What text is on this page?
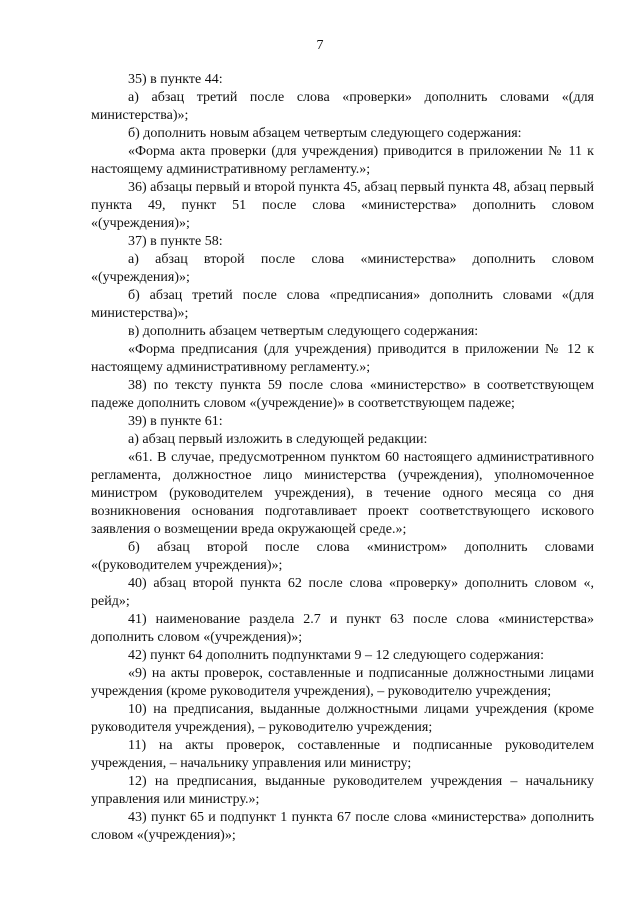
7

35) в пункте 44:

а) абзац третий после слова «проверки» дополнить словами «(для министерства)»;

б) дополнить новым абзацем четвертым следующего содержания:

«Форма акта проверки (для учреждения) приводится в приложении № 11 к настоящему административному регламенту.»;

36) абзацы первый и второй пункта 45, абзац первый пункта 48, абзац первый пункта 49, пункт 51 после слова «министерства» дополнить словом «(учреждения)»;

37) в пункте 58:

а) абзац второй после слова «министерства» дополнить словом «(учреждения)»;

б) абзац третий после слова «предписания» дополнить словами «(для министерства)»;

в) дополнить абзацем четвертым следующего содержания:

«Форма предписания (для учреждения) приводится в приложении № 12 к настоящему административному регламенту.»;

38) по тексту пункта 59 после слова «министерство» в соответствующем падеже дополнить словом «(учреждение)» в соответствующем падеже;

39) в пункте 61:

а) абзац первый изложить в следующей редакции:

«61. В случае, предусмотренном пунктом 60 настоящего административного регламента, должностное лицо министерства (учреждения), уполномоченное министром (руководителем учреждения), в течение одного месяца со дня возникновения основания подготавливает проект соответствующего искового заявления о возмещении вреда окружающей среде.»;

б) абзац второй после слова «министром» дополнить словами «(руководителем учреждения)»;

40) абзац второй пункта 62 после слова «проверку» дополнить словом «, рейд»;

41) наименование раздела 2.7 и пункт 63 после слова «министерства» дополнить словом «(учреждения)»;

42) пункт 64 дополнить подпунктами 9 – 12 следующего содержания:

«9) на акты проверок, составленные и подписанные должностными лицами учреждения (кроме руководителя учреждения), – руководителю учреждения;

10) на предписания, выданные должностными лицами учреждения (кроме руководителя учреждения), – руководителю учреждения;

11) на акты проверок, составленные и подписанные руководителем учреждения, – начальнику управления или министру;

12) на предписания, выданные руководителем учреждения – начальнику управления или министру.»;

43) пункт 65 и подпункт 1 пункта 67 после слова «министерства» дополнить словом «(учреждения)»;
